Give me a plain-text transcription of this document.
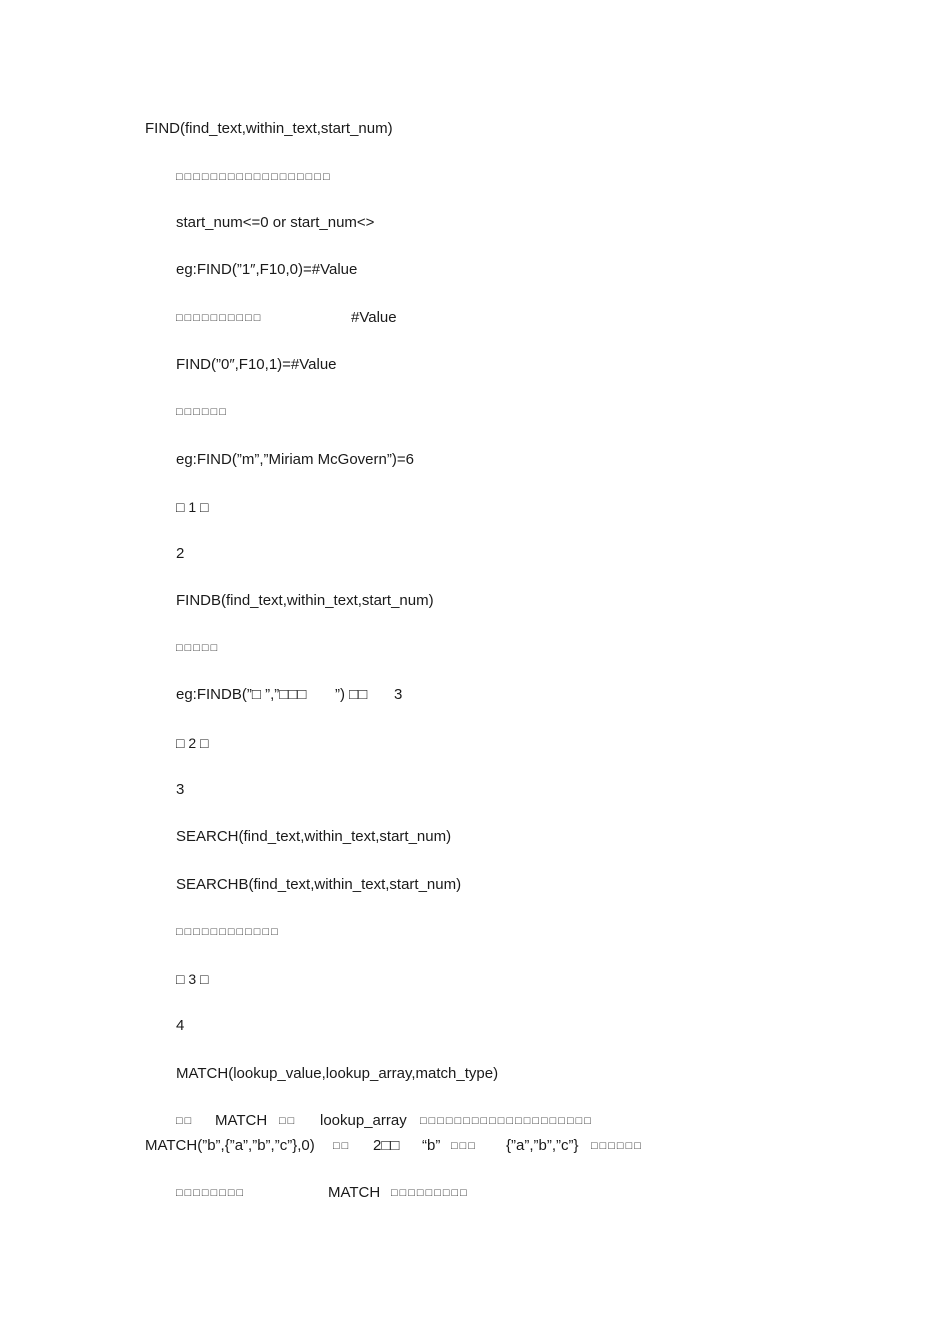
FIND(find_text,within_text,start_num)
□□□□□□□□□□□□□□□□□□
start_num<=0 or start_num<>
eg:FIND(”1″,F10,0)=#Value
□□□□□□□□□□	#Value
FIND(”0″,F10,1)=#Value
□□□□□□
eg:FIND(”m”,”Miriam McGovern”)=6
□ 1 □
2
FINDB(find_text,within_text,start_num)
□□□□□
eg:FINDB(”□ ”,”□□□ ”) □□ 3
□ 2 □
3
SEARCH(find_text,within_text,start_num)
SEARCHB(find_text,within_text,start_num)
□□□□□□□□□□□□
□ 3 □
4
MATCH(lookup_value,lookup_array,match_type)
□□ MATCH □□ lookup_array □□□□□□□□□□□□□□□□□□□□
MATCH(”b”,{”a”,”b”,”c”},0) □□ 2□□ “b” □□□ {”a”,”b”,”c”} □□□□□□
□□□□□□□□	MATCH □□□□□□□□□
